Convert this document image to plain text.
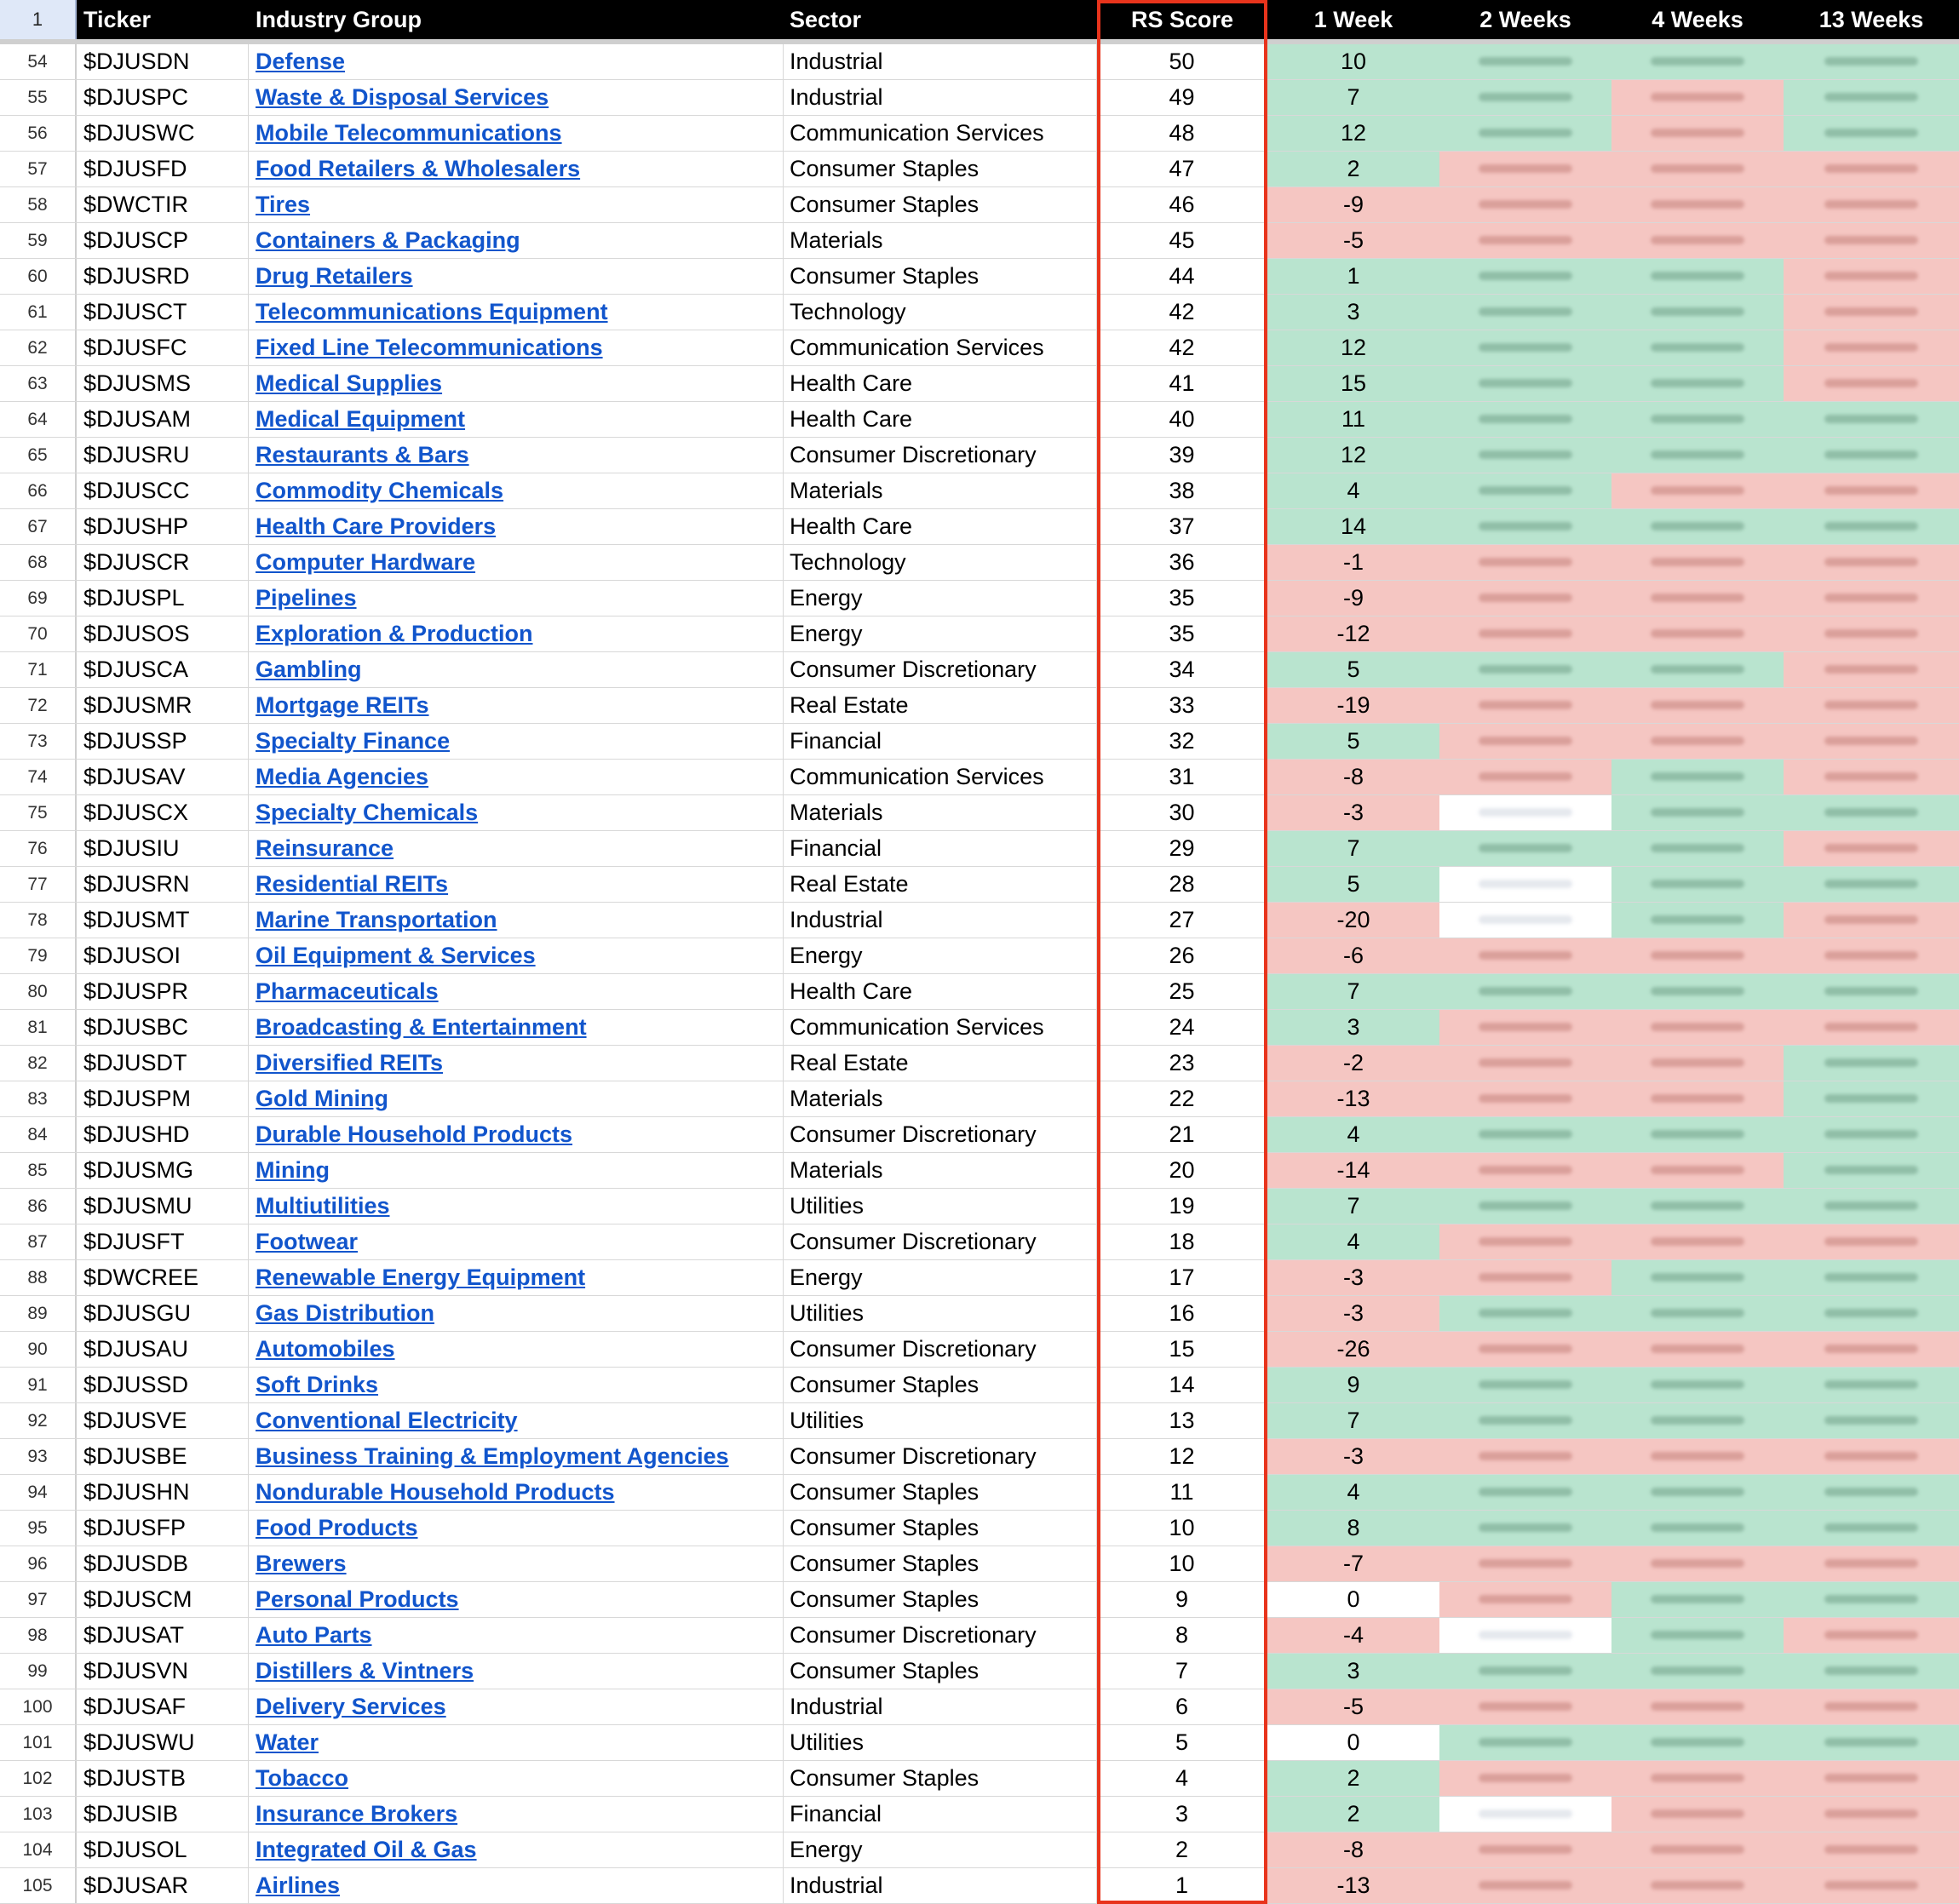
1	Ticker	Industry Group	Sector	RS Score	1 Week	2 Weeks	4 Weeks	13 Weeks
54	$DJUSDN	Defense	Industrial	50	10
55	$DJUSPC	Waste & Disposal Services	Industrial	49	7
56	$DJUSWC	Mobile Telecommunications	Communication Services	48	12
57	$DJUSFD	Food Retailers & Wholesalers	Consumer Staples	47	2
58	$DWCTIR	Tires	Consumer Staples	46	-9
59	$DJUSCP	Containers & Packaging	Materials	45	-5
60	$DJUSRD	Drug Retailers	Consumer Staples	44	1
61	$DJUSCT	Telecommunications Equipment	Technology	42	3
62	$DJUSFC	Fixed Line Telecommunications	Communication Services	42	12
63	$DJUSMS	Medical Supplies	Health Care	41	15
64	$DJUSAM	Medical Equipment	Health Care	40	11
65	$DJUSRU	Restaurants & Bars	Consumer Discretionary	39	12
66	$DJUSCC	Commodity Chemicals	Materials	38	4
67	$DJUSHP	Health Care Providers	Health Care	37	14
68	$DJUSCR	Computer Hardware	Technology	36	-1
69	$DJUSPL	Pipelines	Energy	35	-9
70	$DJUSOS	Exploration & Production	Energy	35	-12
71	$DJUSCA	Gambling	Consumer Discretionary	34	5
72	$DJUSMR	Mortgage REITs	Real Estate	33	-19
73	$DJUSSP	Specialty Finance	Financial	32	5
74	$DJUSAV	Media Agencies	Communication Services	31	-8
75	$DJUSCX	Specialty Chemicals	Materials	30	-3
76	$DJUSIU	Reinsurance	Financial	29	7
77	$DJUSRN	Residential REITs	Real Estate	28	5
78	$DJUSMT	Marine Transportation	Industrial	27	-20
79	$DJUSOI	Oil Equipment & Services	Energy	26	-6
80	$DJUSPR	Pharmaceuticals	Health Care	25	7
81	$DJUSBC	Broadcasting & Entertainment	Communication Services	24	3
82	$DJUSDT	Diversified REITs	Real Estate	23	-2
83	$DJUSPM	Gold Mining	Materials	22	-13
84	$DJUSHD	Durable Household Products	Consumer Discretionary	21	4
85	$DJUSMG	Mining	Materials	20	-14
86	$DJUSMU	Multiutilities	Utilities	19	7
87	$DJUSFT	Footwear	Consumer Discretionary	18	4
88	$DWCREE	Renewable Energy Equipment	Energy	17	-3
89	$DJUSGU	Gas Distribution	Utilities	16	-3
90	$DJUSAU	Automobiles	Consumer Discretionary	15	-26
91	$DJUSSD	Soft Drinks	Consumer Staples	14	9
92	$DJUSVE	Conventional Electricity	Utilities	13	7
93	$DJUSBE	Business Training & Employment Agencies	Consumer Discretionary	12	-3
94	$DJUSHN	Nondurable Household Products	Consumer Staples	11	4
95	$DJUSFP	Food Products	Consumer Staples	10	8
96	$DJUSDB	Brewers	Consumer Staples	10	-7
97	$DJUSCM	Personal Products	Consumer Staples	9	0
98	$DJUSAT	Auto Parts	Consumer Discretionary	8	-4
99	$DJUSVN	Distillers & Vintners	Consumer Staples	7	3
100	$DJUSAF	Delivery Services	Industrial	6	-5
101	$DJUSWU	Water	Utilities	5	0
102	$DJUSTB	Tobacco	Consumer Staples	4	2
103	$DJUSIB	Insurance Brokers	Financial	3	2
104	$DJUSOL	Integrated Oil & Gas	Energy	2	-8
105	$DJUSAR	Airlines	Industrial	1	-13
